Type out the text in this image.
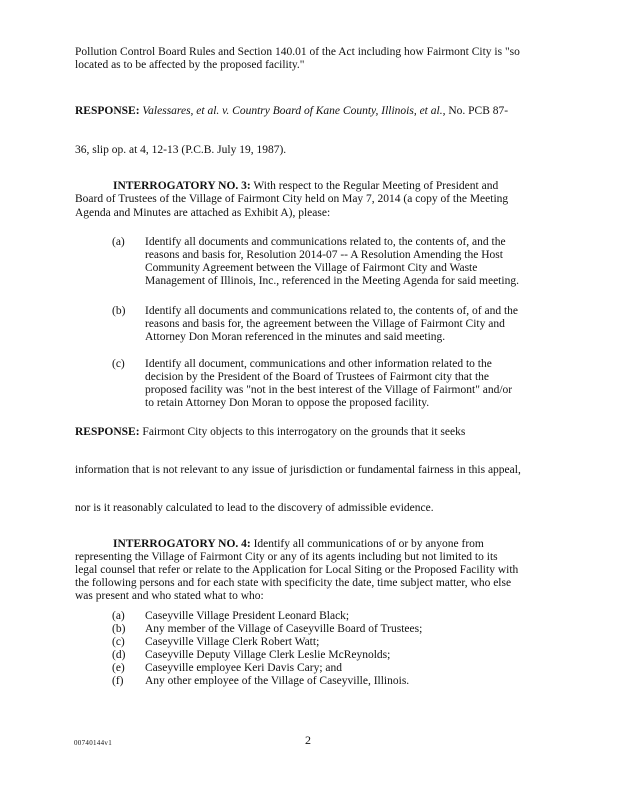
Pollution Control Board Rules and Section 140.01 of the Act including how Fairmont City is "so
located as to be affected by the proposed facility."
RESPONSE: Valessares, et al. v. Country Board of Kane County, Illinois, et al., No. PCB 87-
36, slip op. at 4, 12-13 (P.C.B. July 19, 1987).
INTERROGATORY NO. 3: With respect to the Regular Meeting of President and
Board of Trustees of the Village of Fairmont City held on May 7, 2014 (a copy of the Meeting
Agenda and Minutes are attached as Exhibit A), please:
(a) Identify all documents and communications related to, the contents of, and the
reasons and basis for, Resolution 2014-07 -- A Resolution Amending the Host
Community Agreement between the Village of Fairmont City and Waste
Management of Illinois, Inc., referenced in the Meeting Agenda for said meeting.
(b) Identify all documents and communications related to, the contents of, of and the
reasons and basis for, the agreement between the Village of Fairmont City and
Attorney Don Moran referenced in the minutes and said meeting.
(c) Identify all document, communications and other information related to the
decision by the President of the Board of Trustees of Fairmont city that the
proposed facility was "not in the best interest of the Village of Fairmont" and/or
to retain Attorney Don Moran to oppose the proposed facility.
RESPONSE: Fairmont City objects to this interrogatory on the grounds that it seeks
information that is not relevant to any issue of jurisdiction or fundamental fairness in this appeal,
nor is it reasonably calculated to lead to the discovery of admissible evidence.
INTERROGATORY NO. 4: Identify all communications of or by anyone from
representing the Village of Fairmont City or any of its agents including but not limited to its
legal counsel that refer or relate to the Application for Local Siting or the Proposed Facility with
the following persons and for each state with specificity the date, time subject matter, who else
was present and who stated what to who:
(a) Caseyville Village President Leonard Black;
(b) Any member of the Village of Caseyville Board of Trustees;
(c) Caseyville Village Clerk Robert Watt;
(d) Caseyville Deputy Village Clerk Leslie McReynolds;
(e) Caseyville employee Keri Davis Cary; and
(f) Any other employee of the Village of Caseyville, Illinois.
00740144v1	2
